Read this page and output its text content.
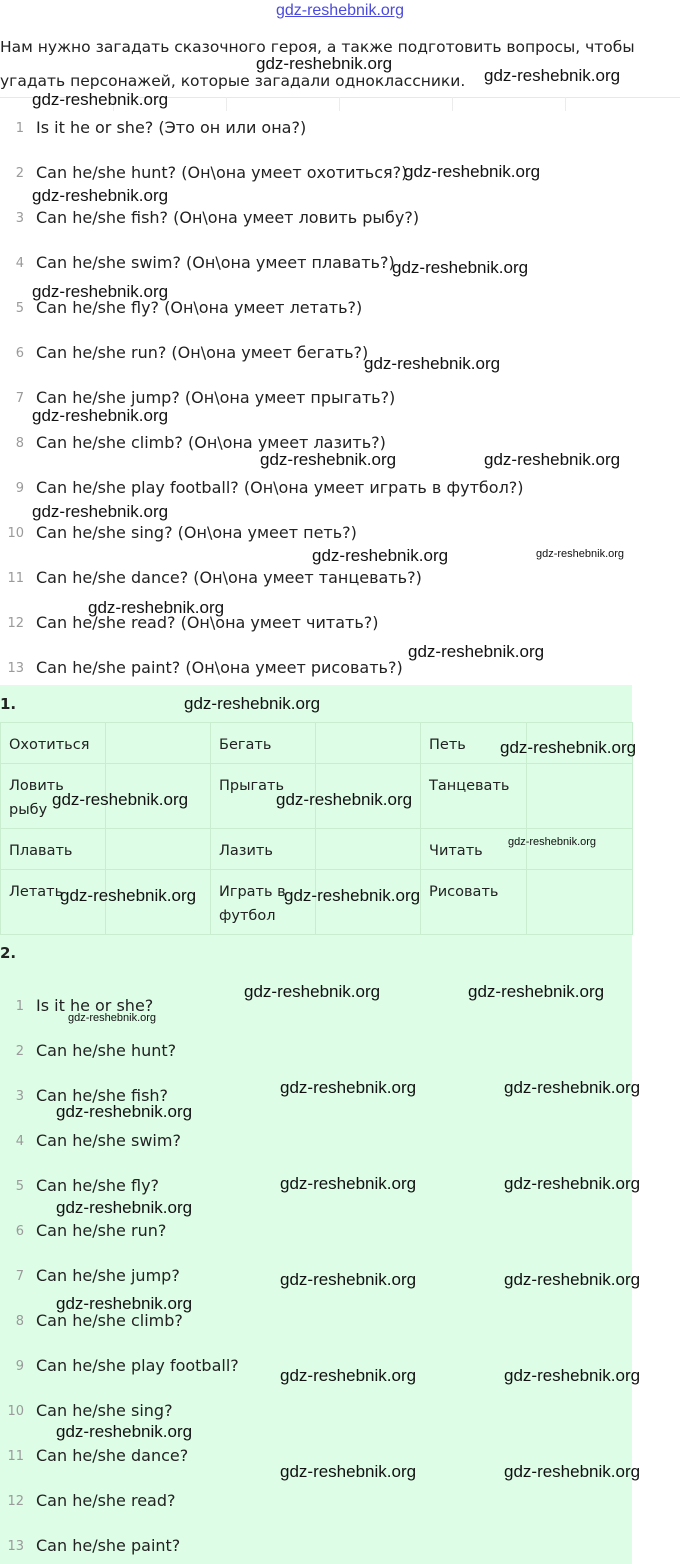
gdz-reshebnik.org
Нам нужно загадать сказочного героя, а также подготовить вопросы, чтобы угадать персонажей, которые загадали одноклассники.
1 Is it he or she? (Это он или она?)
2 Can he/she hunt? (Он\она умеет охотиться?)
3 Can he/she fish? (Он\она умеет ловить рыбу?)
4 Can he/she swim? (Он\она умеет плавать?)
5 Can he/she fly? (Он\она умеет летать?)
6 Can he/she run? (Он\она умеет бегать?)
7 Can he/she jump? (Он\она умеет прыгать?)
8 Can he/she climb? (Он\она умеет лазить?)
9 Can he/she play football? (Он\она умеет играть в футбол?)
10 Can he/she sing? (Он\она умеет петь?)
11 Can he/she dance? (Он\она умеет танцевать?)
12 Can he/she read? (Он\она умеет читать?)
13 Can he/she paint? (Он\она умеет рисовать?)
1.
Охотиться		Бегать		Петь	
Ловить рыбу		Прыгать		Танцевать	
Плавать		Лазить		Читать	
Летать		Играть в футбол		Рисовать	
2.
1 Is it he or she?
2 Can he/she hunt?
3 Can he/she fish?
4 Can he/she swim?
5 Can he/she fly?
6 Can he/she run?
7 Can he/she jump?
8 Can he/she climb?
9 Can he/she play football?
10 Can he/she sing?
11 Can he/she dance?
12 Can he/she read?
13 Can he/she paint?
gdz-reshebnik.org
gdz-reshebnik.org
gdz-reshebnik.org
gdz-reshebnik.org
gdz-reshebnik.org
gdz-reshebnik.org
gdz-reshebnik.org
gdz-reshebnik.org
gdz-reshebnik.org
gdz-reshebnik.org	gdz-reshebnik.org
gdz-reshebnik.org
gdz-reshebnik.org	gdz-reshebnik.org
gdz-reshebnik.org
gdz-reshebnik.org
gdz-reshebnik.org
gdz-reshebnik.org
gdz-reshebnik.org	gdz-reshebnik.org
gdz-reshebnik.org
gdz-reshebnik.org	gdz-reshebnik.org
gdz-reshebnik.org	gdz-reshebnik.org
gdz-reshebnik.org
gdz-reshebnik.org	gdz-reshebnik.org
gdz-reshebnik.org
gdz-reshebnik.org	gdz-reshebnik.org
gdz-reshebnik.org
gdz-reshebnik.org	gdz-reshebnik.org
gdz-reshebnik.org
gdz-reshebnik.org	gdz-reshebnik.org
gdz-reshebnik.org
gdz-reshebnik.org	gdz-reshebnik.org
